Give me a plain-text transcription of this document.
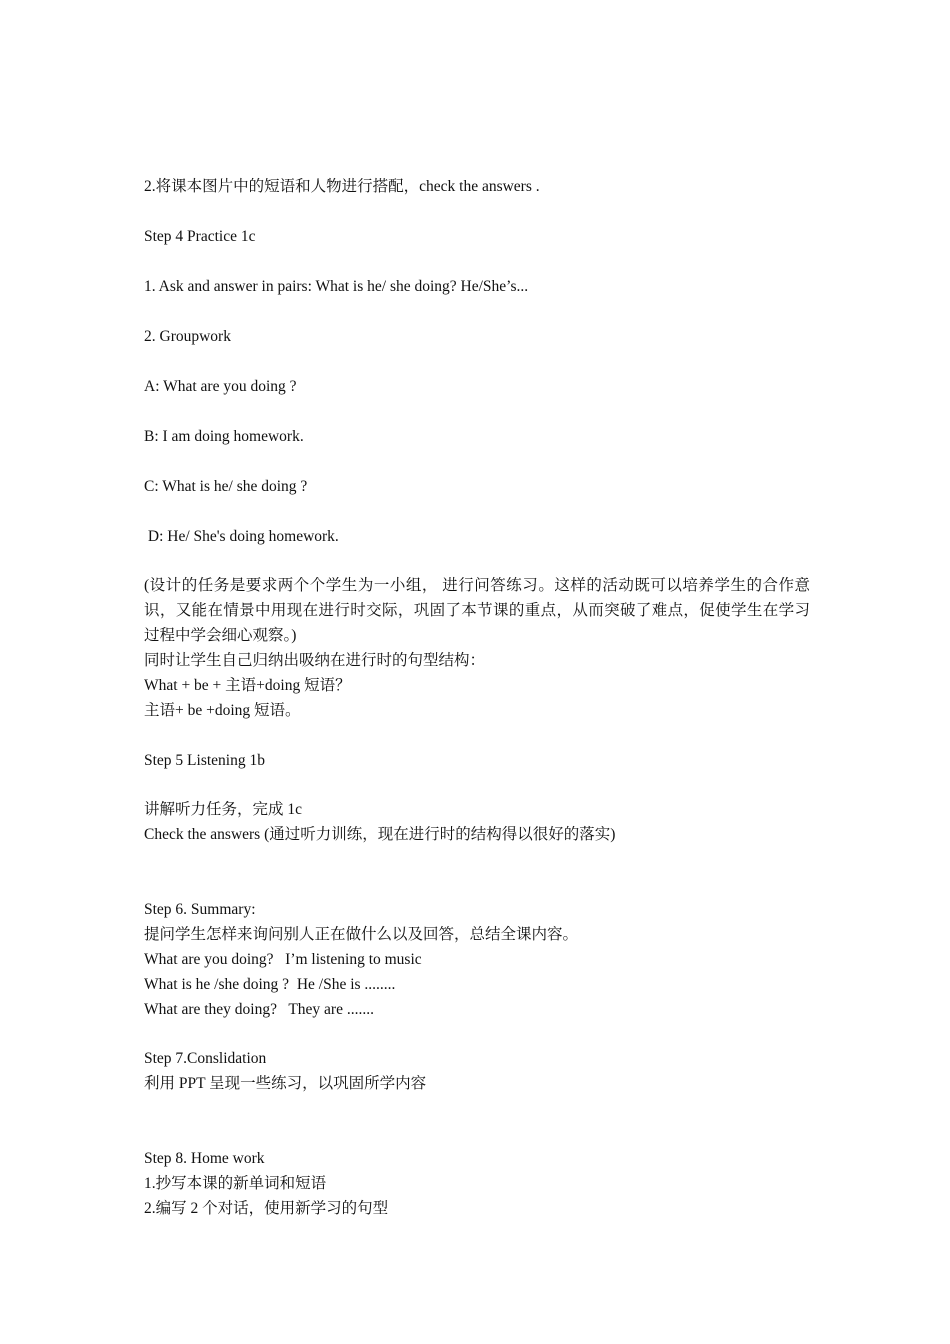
2.将课本图片中的短语和人物进行搭配，check the answers .
Step 4 Practice 1c
1. Ask and answer in pairs: What is he/ she doing? He/She’s...
2. Groupwork
A: What are you doing ?
B: I am doing homework.
C: What is he/ she doing ?
D: He/ She's doing homework.
(设计的任务是要求两个个学生为一小组， 进行问答练习。这样的活动既可以培养学生的合作意识，又能在情景中用现在进行时交际，巩固了本节课的重点，从而突破了难点，促使学生在学习过程中学会细心观察。)
同时让学生自己归纳出吸纳在进行时的句型结构：
What + be + 主语+doing 短语？
主语+ be +doing 短语。
Step 5 Listening 1b
讲解听力任务，完成 1c
Check the answers (通过听力训练，现在进行时的结构得以很好的落实)
Step 6. Summary:
提问学生怎样来询问别人正在做什么以及回答，总结全课内容。
What are you doing?   I’m listening to music
What is he /she doing ?  He /She is ........
What are they doing?   They are .......
Step 7.Conslidation
利用 PPT 呈现一些练习，以巩固所学内容
Step 8. Home work
1.抄写本课的新单词和短语
2.编写 2 个对话，使用新学习的句型
